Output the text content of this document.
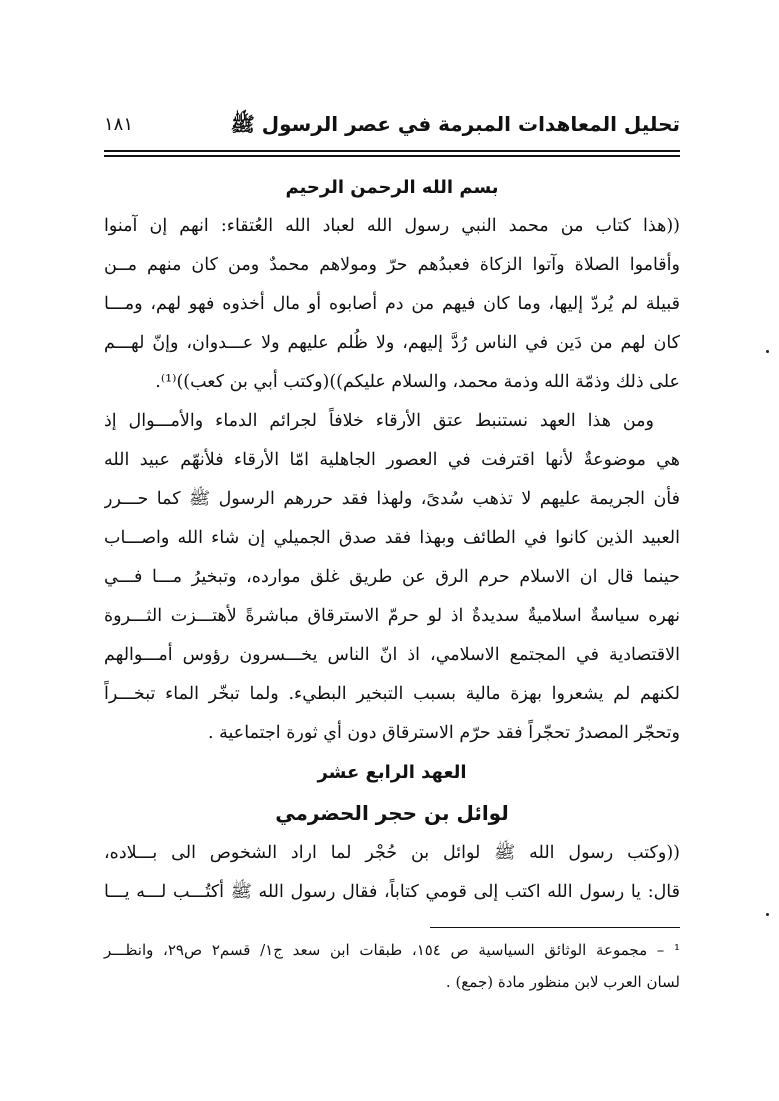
تحليل المعاهدات المبرمة في عصر الرسول ﷺ
١٨١
بسم الله الرحمن الرحيم
((هذا كتاب من محمد النبي رسول الله لعباد الله العُتقاء: انهم إن آمنوا
وأقاموا الصلاة وآتوا الزكاة فعبدُهم حرّ ومولاهم محمدٌ ومن كان منهم مــن
قبيلة لم يُردّ إليها، وما كان فيهم من دم أصابوه أو مال أخذوه فهو لهم، ومـــا
كان لهم من دَين في الناس رُدَّ إليهم، ولا ظُلم عليهم ولا عـــدوان، وإنّ لهـــم
على ذلك وذمّة الله وذمة محمد، والسلام عليكم))(وكتب أبي بن كعب))⁽¹⁾.
ومن هذا العهد نستنبط عتق الأرقاء خلافاً لجرائم الدماء والأمـــوال إذ
هي موضوعةٌ لأنها اقترفت في العصور الجاهلية امّا الأرقاء فلأنهّم عبيد الله
فأن الجريمة عليهم لا تذهب سُدىً، ولهذا فقد حررهم الرسول ﷺ كما حـــرر
العبيد الذين كانوا في الطائف وبهذا فقد صدق الجميلي إن شاء الله واصـــاب
حينما قال ان الاسلام حرم الرق عن طريق غلق موارده، وتبخيرُ مـــا فـــي
نهره سياسةٌ اسلاميةٌ سديدةٌ اذ لو حرمّ الاسترقاق مباشرةً لأهتـــزت الثـــروة
الاقتصادية في المجتمع الاسلامي، اذ انّ الناس يخـــسرون رؤوس أمـــوالهم
لكنهم لم يشعروا بهزة مالية بسبب التبخير البطيء. ولما تبخّر الماء تبخـــراً
وتحجّر المصدرُ تحجّراً فقد حرّم الاسترقاق دون أي ثورة اجتماعية .
العهد الرابع عشر
لوائل بن حجر الحضرمي
((وكتب رسول الله ﷺ لوائل بن حُجْر لما اراد الشخوص الى بـــلاده،
قال: يا رسول الله اكتب إلى قومي كتاباً، فقال رسول الله ﷺ أكتُـــب لـــه يـــا
¹ – مجموعة الوثائق السياسية ص ١٥٤، طبقات ابن سعد ج١/ قسم٢ ص٢٩، وانظـــر
لسان العرب لابن منظور مادة (جمع) .
